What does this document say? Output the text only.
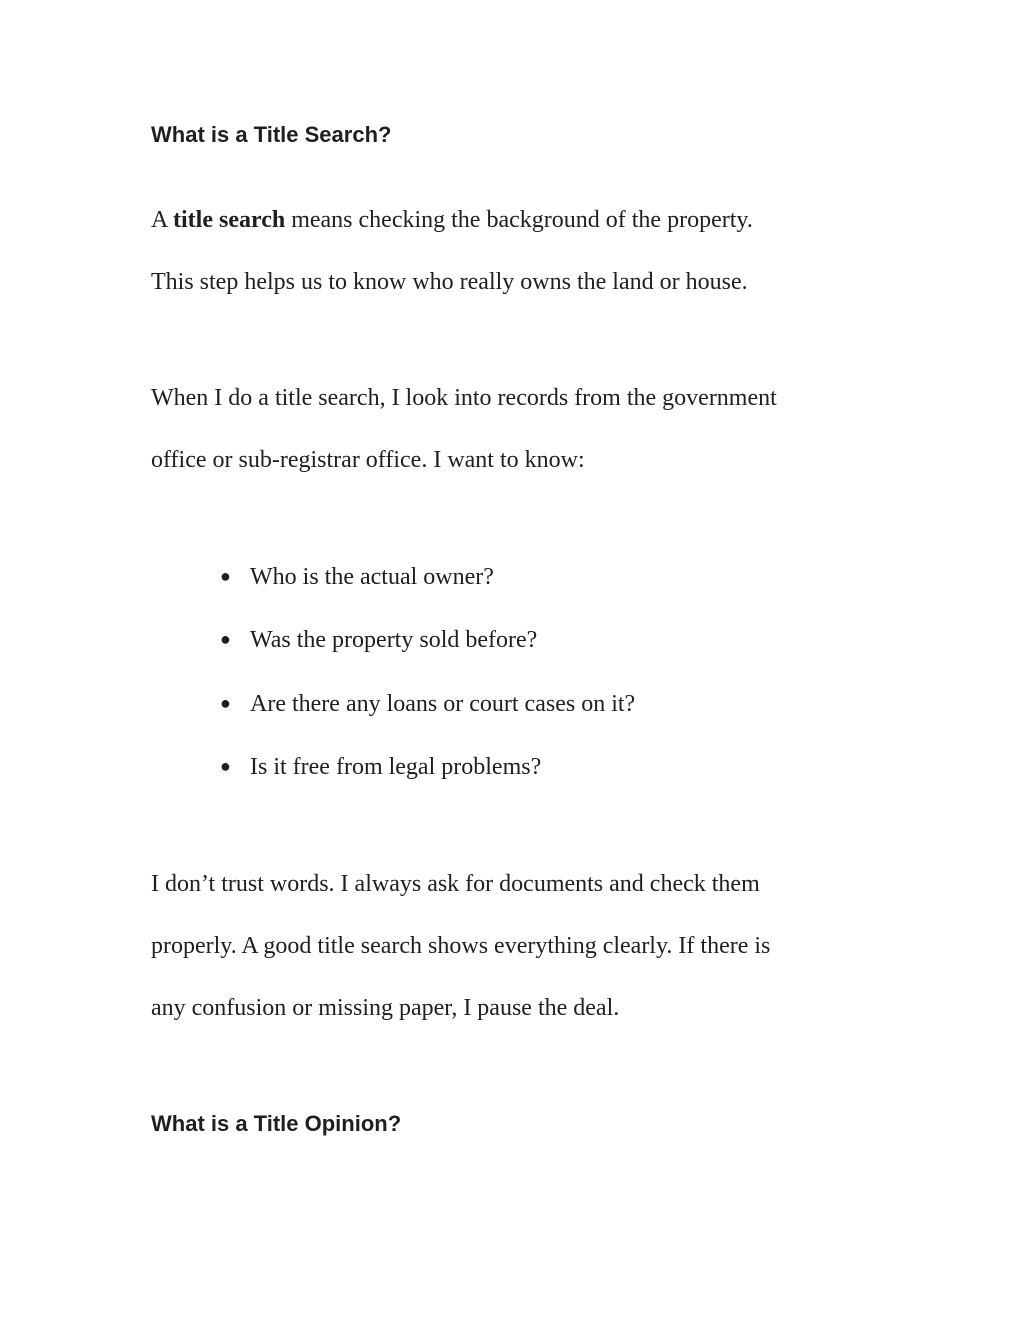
What is a Title Search?

A title search means checking the background of the property.

This step helps us to know who really owns the land or house.

When I do a title search, I look into records from the government

office or sub-registrar office. I want to know:

● Who is the actual owner?

● Was the property sold before?

● Are there any loans or court cases on it?

● Is it free from legal problems?

I don’t trust words. I always ask for documents and check them

properly. A good title search shows everything clearly. If there is

any confusion or missing paper, I pause the deal.

What is a Title Opinion?
